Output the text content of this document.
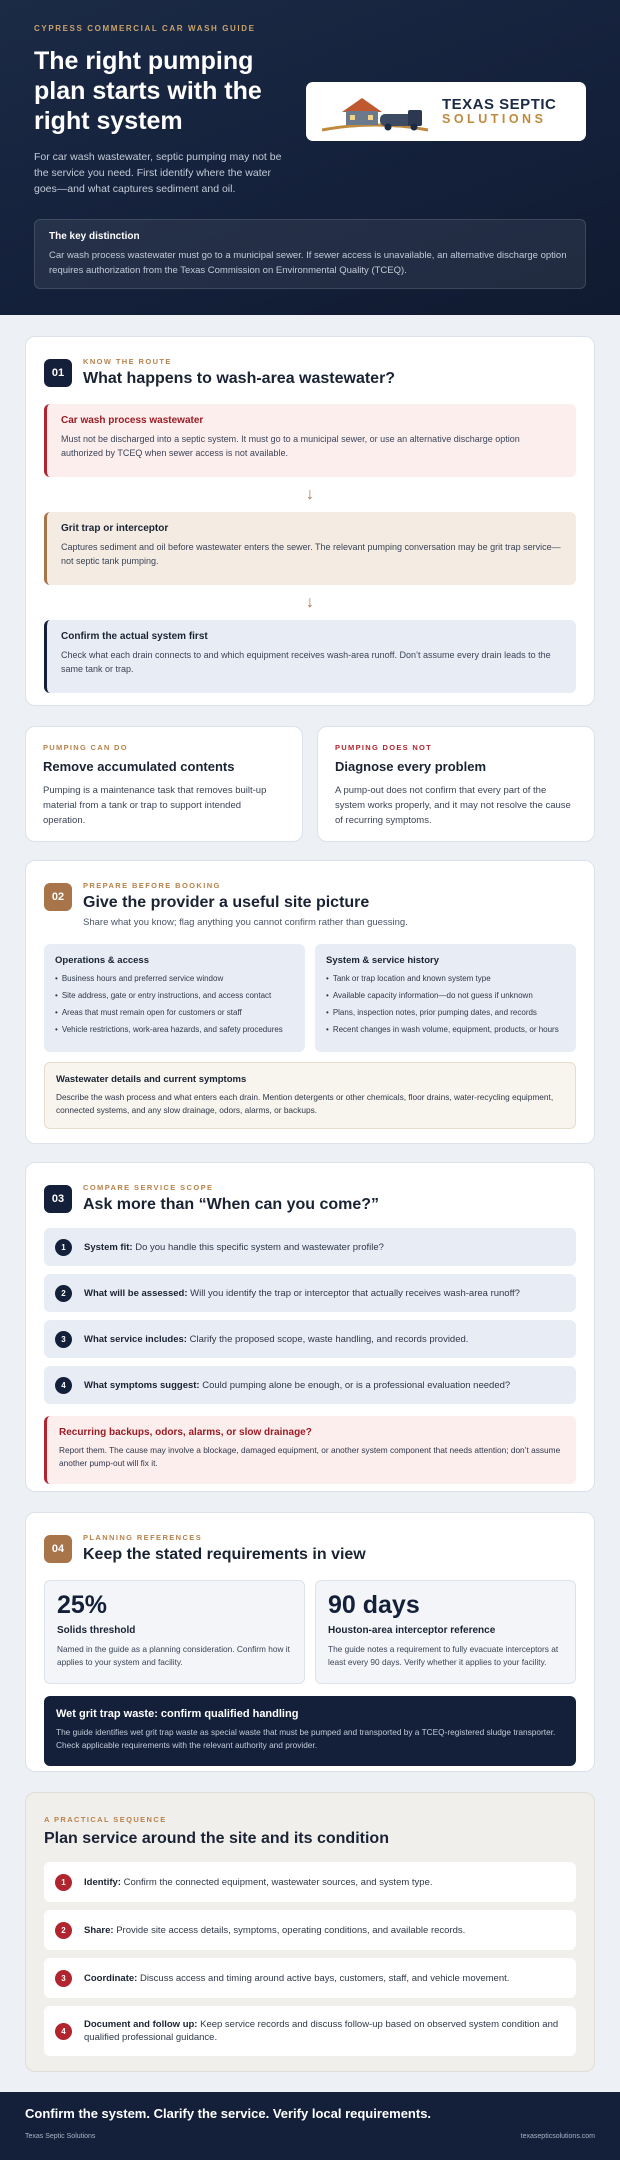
CYPRESS COMMERCIAL CAR WASH GUIDE
The right pumping plan starts with the right system

For car wash wastewater, septic pumping may not be the service you need. First identify where the water goes—and what captures sediment and oil.

TEXAS SEPTIC
SOLUTIONS
The key distinction

Car wash process wastewater must go to a municipal sewer. If sewer access is unavailable, an alternative discharge option requires authorization from the Texas Commission on Environmental Quality (TCEQ).

01
KNOW THE ROUTE
What happens to wash-area wastewater?
Car wash process wastewater

Must not be discharged into a septic system. It must go to a municipal sewer, or use an alternative discharge option authorized by TCEQ when sewer access is not available.

↓
Grit trap or interceptor

Captures sediment and oil before wastewater enters the sewer. The relevant pumping conversation may be grit trap service—not septic tank pumping.

↓
Confirm the actual system first

Check what each drain connects to and which equipment receives wash-area runoff. Don’t assume every drain leads to the same tank or trap.

PUMPING CAN DO
Remove accumulated contents

Pumping is a maintenance task that removes built-up material from a tank or trap to support intended operation.

PUMPING DOES NOT
Diagnose every problem

A pump-out does not confirm that every part of the system works properly, and it may not resolve the cause of recurring symptoms.

02
PREPARE BEFORE BOOKING
Give the provider a useful site picture
Share what you know; flag anything you cannot confirm rather than guessing.
Operations & access
• Business hours and preferred service window
• Site address, gate or entry instructions, and access contact
• Areas that must remain open for customers or staff
• Vehicle restrictions, work-area hazards, and safety procedures
System & service history
• Tank or trap location and known system type
• Available capacity information—do not guess if unknown
• Plans, inspection notes, prior pumping dates, and records
• Recent changes in wash volume, equipment, products, or hours
Wastewater details and current symptoms

Describe the wash process and what enters each drain. Mention detergents or other chemicals, floor drains, water-recycling equipment, connected systems, and any slow drainage, odors, alarms, or backups.

03
COMPARE SERVICE SCOPE
Ask more than “When can you come?”
1	System fit: Do you handle this specific system and wastewater profile?
2	What will be assessed: Will you identify the trap or interceptor that actually receives wash-area runoff?
3	What service includes: Clarify the proposed scope, waste handling, and records provided.
4	What symptoms suggest: Could pumping alone be enough, or is a professional evaluation needed?
Recurring backups, odors, alarms, or slow drainage?

Report them. The cause may involve a blockage, damaged equipment, or another system component that needs attention; don’t assume another pump-out will fix it.

04
PLANNING REFERENCES
Keep the stated requirements in view
25%
Solids threshold

Named in the guide as a planning consideration. Confirm how it applies to your system and facility.

90 days
Houston-area interceptor reference

The guide notes a requirement to fully evacuate interceptors at least every 90 days. Verify whether it applies to your facility.

Wet grit trap waste: confirm qualified handling

The guide identifies wet grit trap waste as special waste that must be pumped and transported by a TCEQ-registered sludge transporter. Check applicable requirements with the relevant authority and provider.

A PRACTICAL SEQUENCE
Plan service around the site and its condition
1	Identify: Confirm the connected equipment, wastewater sources, and system type.
2	Share: Provide site access details, symptoms, operating conditions, and available records.
3	Coordinate: Discuss access and timing around active bays, customers, staff, and vehicle movement.
4
Document and follow up: Keep service records and discuss follow-up based on observed system condition and qualified professional guidance.
Confirm the system. Clarify the service. Verify local requirements.
Texas Septic Solutions	texasepticsolutions.com
